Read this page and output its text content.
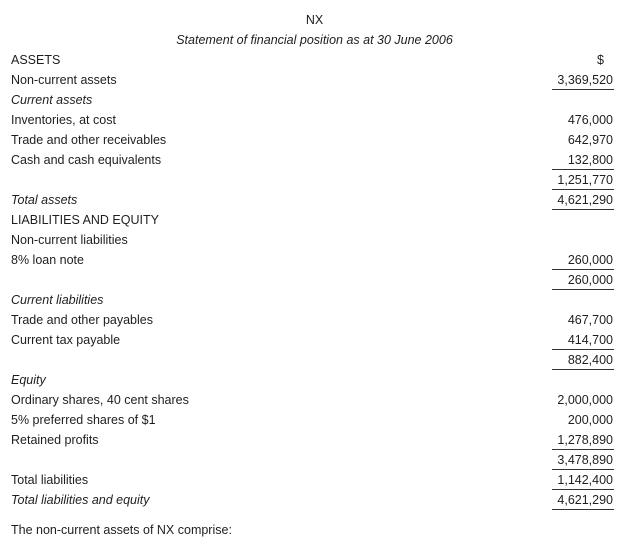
NX
Statement of financial position as at 30 June 2006
ASSETS	$
Non-current assets	3,369,520
Current assets
Inventories, at cost	476,000
Trade and other receivables	642,970
Cash and cash equivalents	132,800
1,251,770
Total assets	4,621,290
LIABILITIES AND EQUITY
Non-current liabilities
8% loan note	260,000
260,000
Current liabilities
Trade and other payables	467,700
Current tax payable	414,700
882,400
Equity
Ordinary shares, 40 cent shares	2,000,000
5% preferred shares of $1	200,000
Retained profits	1,278,890
3,478,890
Total liabilities	1,142,400
Total liabilities and equity	4,621,290
The non-current assets of NX comprise:
